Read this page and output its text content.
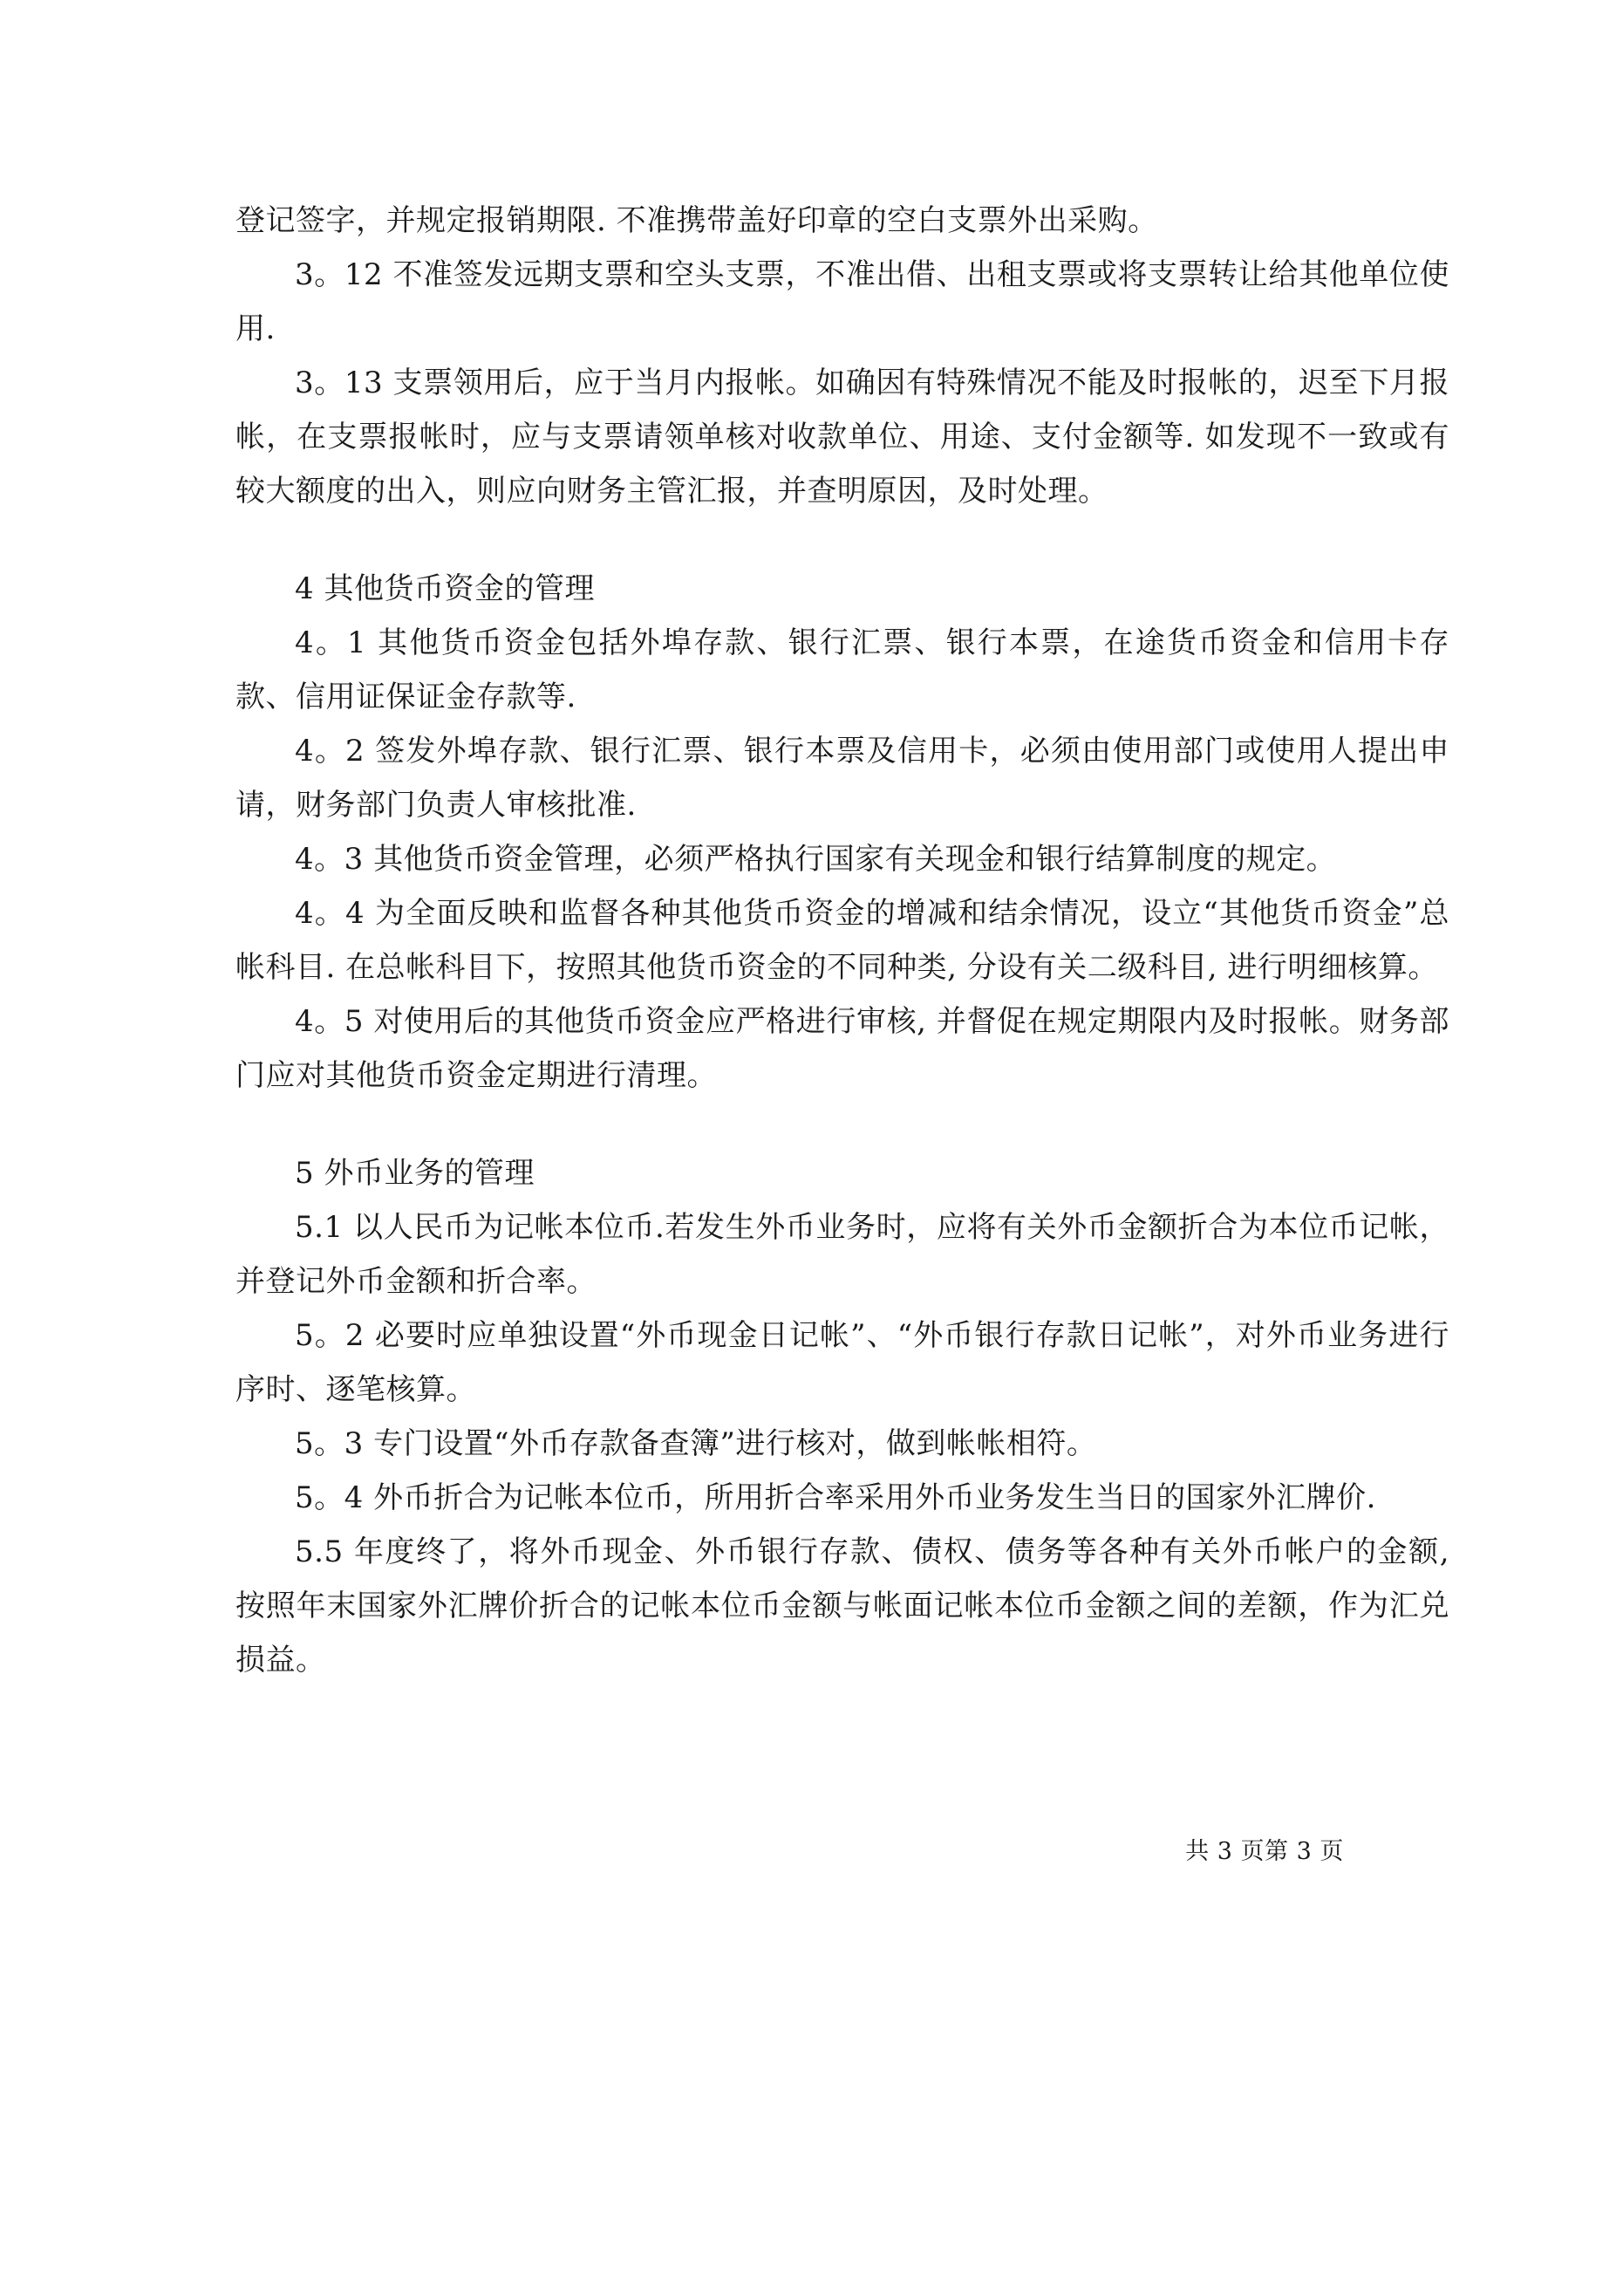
登记签字，并规定报销期限. 不准携带盖好印章的空白支票外出采购。

3。12 不准签发远期支票和空头支票，不准出借、出租支票或将支票转让给其他单位使用.

3。13 支票领用后，应于当月内报帐。如确因有特殊情况不能及时报帐的，迟至下月报帐，在支票报帐时，应与支票请领单核对收款单位、用途、支付金额等. 如发现不一致或有较大额度的出入，则应向财务主管汇报，并查明原因，及时处理。

4 其他货币资金的管理

4。1 其他货币资金包括外埠存款、银行汇票、银行本票，在途货币资金和信用卡存款、信用证保证金存款等.

4。2 签发外埠存款、银行汇票、银行本票及信用卡，必须由使用部门或使用人提出申请，财务部门负责人审核批准.

4。3 其他货币资金管理，必须严格执行国家有关现金和银行结算制度的规定。

4。4 为全面反映和监督各种其他货币资金的增减和结余情况，设立“其他货币资金”总帐科目. 在总帐科目下，按照其他货币资金的不同种类, 分设有关二级科目, 进行明细核算。

4。5 对使用后的其他货币资金应严格进行审核, 并督促在规定期限内及时报帐。财务部门应对其他货币资金定期进行清理。

5 外币业务的管理

5.1 以人民币为记帐本位币.若发生外币业务时，应将有关外币金额折合为本位币记帐，并登记外币金额和折合率。

5。2 必要时应单独设置“外币现金日记帐”、“外币银行存款日记帐”，对外币业务进行序时、逐笔核算。

5。3 专门设置“外币存款备查簿”进行核对，做到帐帐相符。

5。4 外币折合为记帐本位币，所用折合率采用外币业务发生当日的国家外汇牌价.

5.5 年度终了，将外币现金、外币银行存款、债权、债务等各种有关外币帐户的金额, 按照年末国家外汇牌价折合的记帐本位币金额与帐面记帐本位币金额之间的差额，作为汇兑损益。

共 3 页第 3 页
